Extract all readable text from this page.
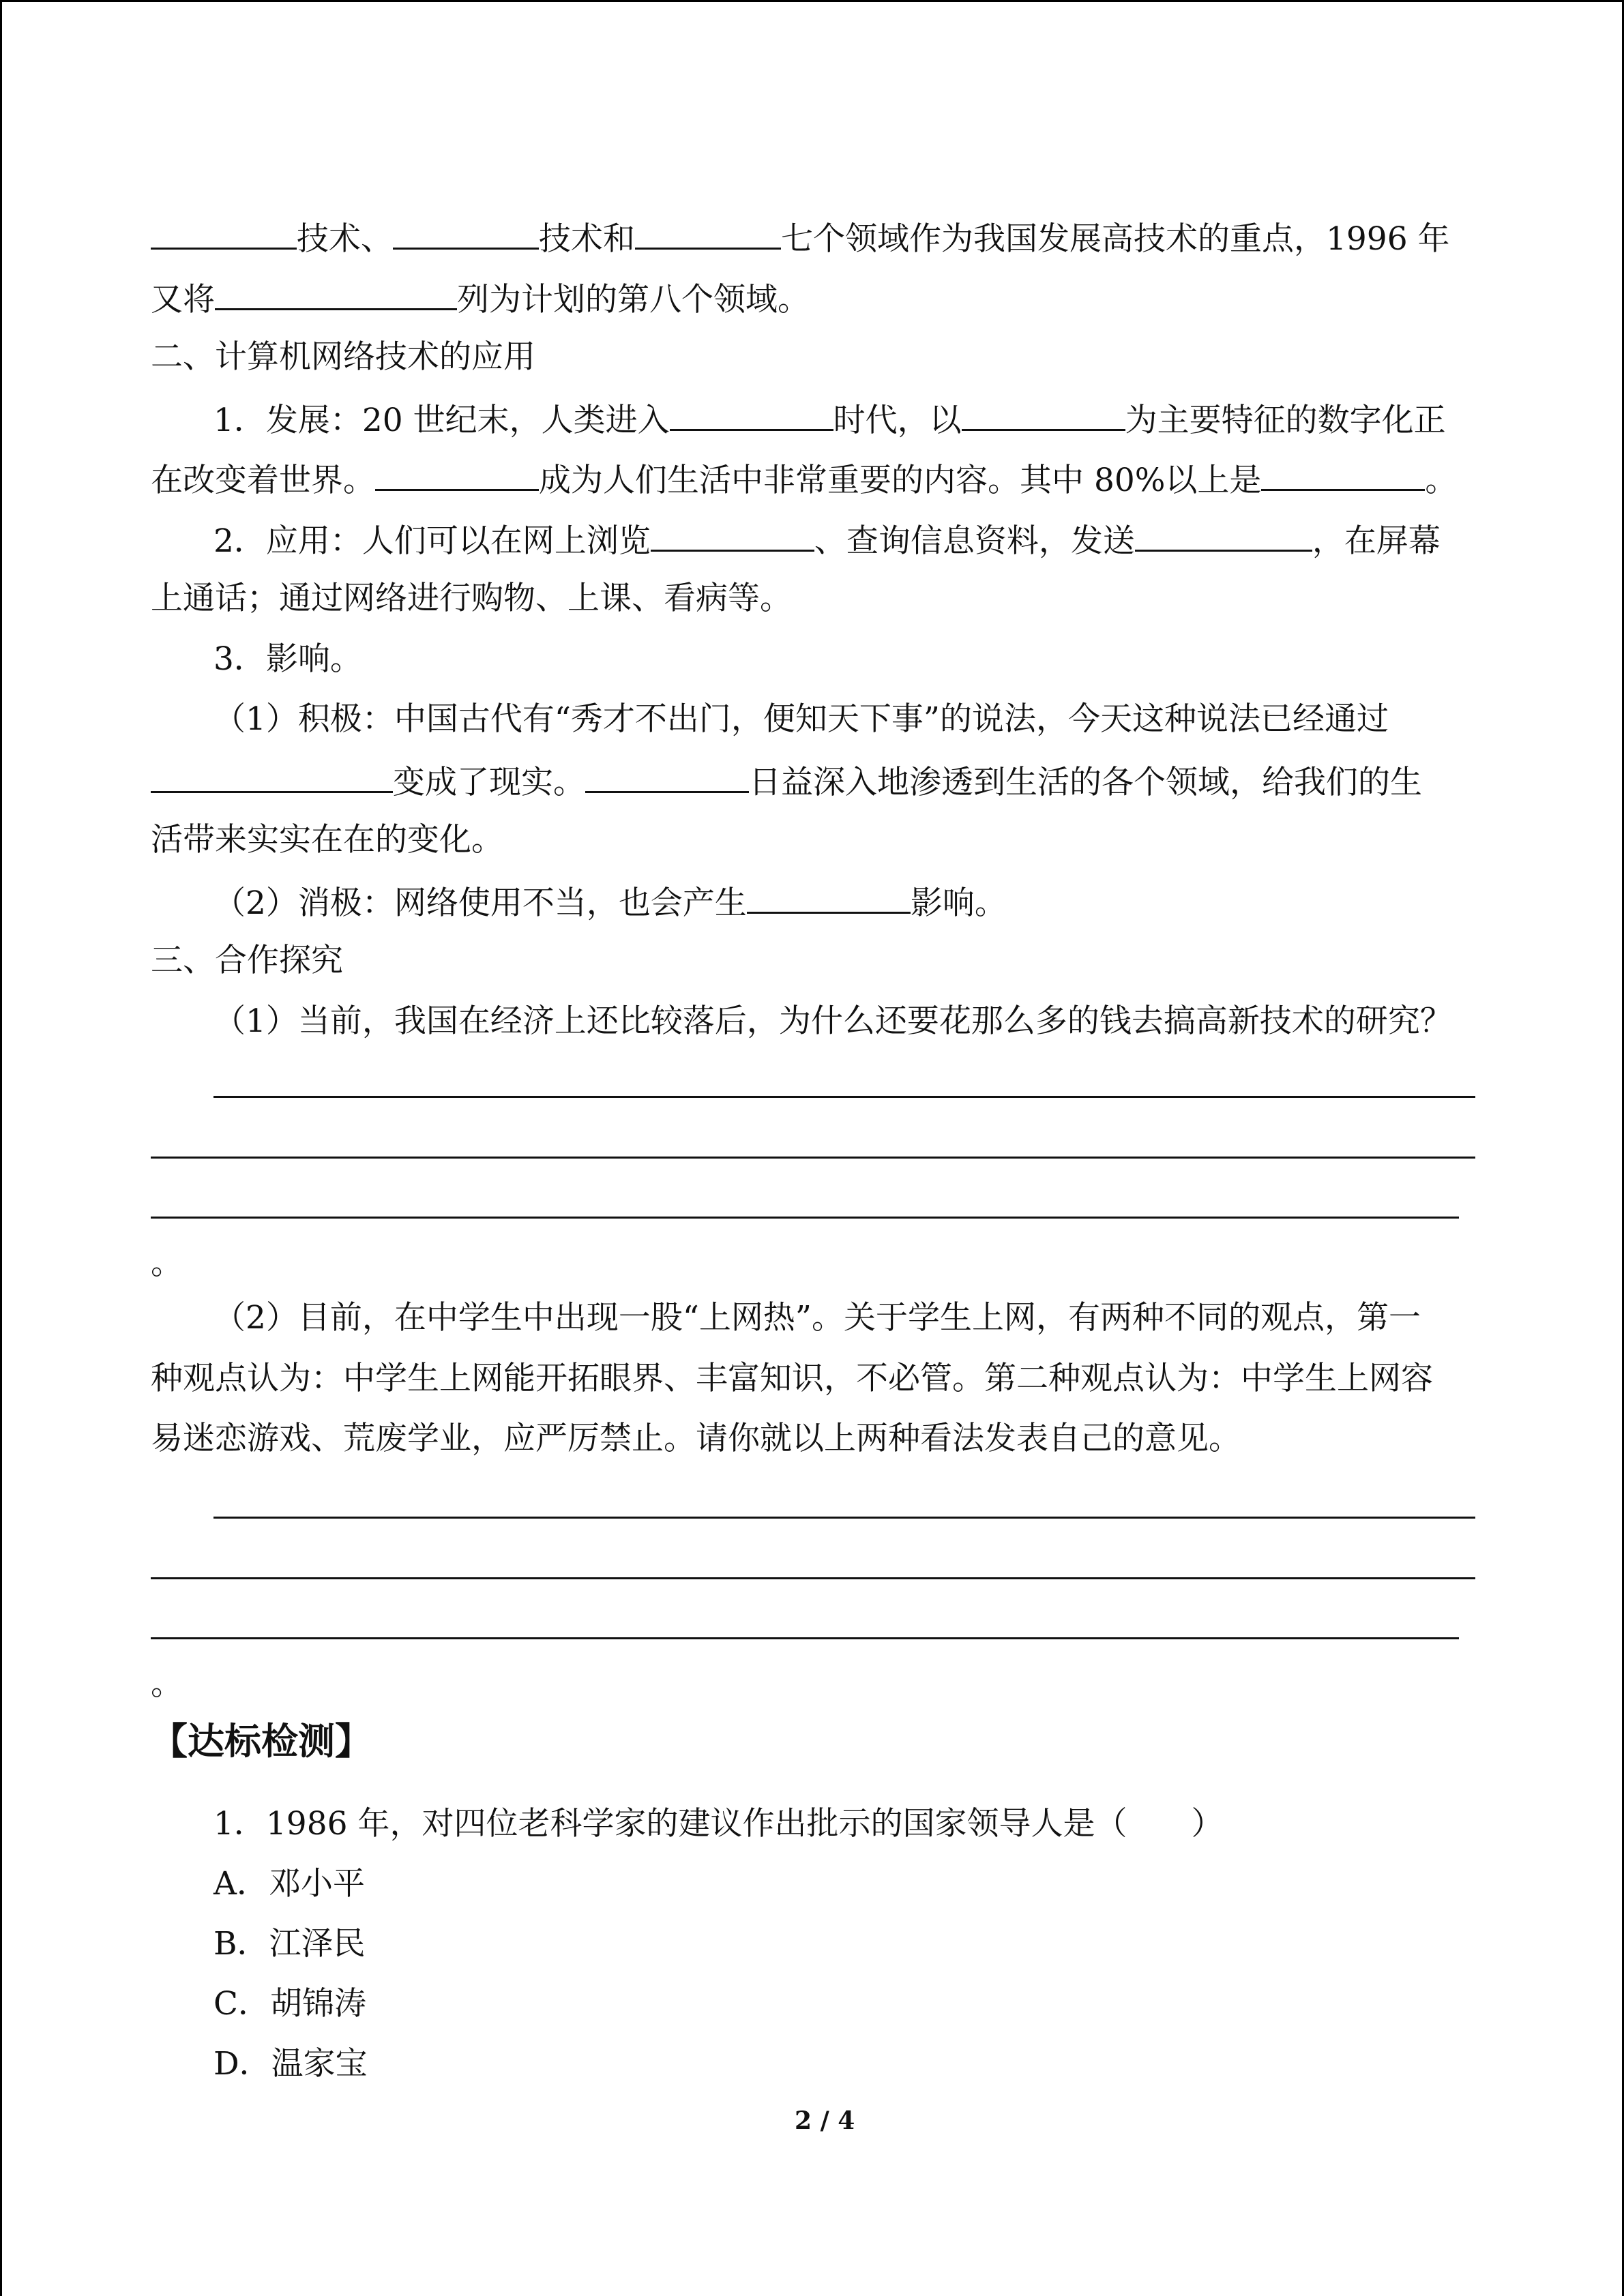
技术、	技术和	七个领域作为我国发展高技术的重点，1996 年
又将	列为计划的第八个领域。
二、计算机网络技术的应用
1．发展：20 世纪末，人类进入	时代，以	为主要特征的数字化正
在改变着世界。	成为人们生活中非常重要的内容。其中 80%以上是	。
2．应用：人们可以在网上浏览	、查询信息资料，发送	，在屏幕
上通话；通过网络进行购物、上课、看病等。
3．影响。
（1）积极：中国古代有“秀才不出门，便知天下事”的说法，今天这种说法已经通过
变成了现实。	日益深入地渗透到生活的各个领域，给我们的生
活带来实实在在的变化。
（2）消极：网络使用不当，也会产生	影响。
三、合作探究
（1）当前，我国在经济上还比较落后，为什么还要花那么多的钱去搞高新技术的研究？
。
（2）目前，在中学生中出现一股“上网热”。关于学生上网，有两种不同的观点，第一
种观点认为：中学生上网能开拓眼界、丰富知识，不必管。第二种观点认为：中学生上网容
易迷恋游戏、荒废学业，应严厉禁止。请你就以上两种看法发表自己的意见。
。
【达标检测】
1．1986 年，对四位老科学家的建议作出批示的国家领导人是（　　）
A．邓小平
B．江泽民
C．胡锦涛
D．温家宝
2 / 4
